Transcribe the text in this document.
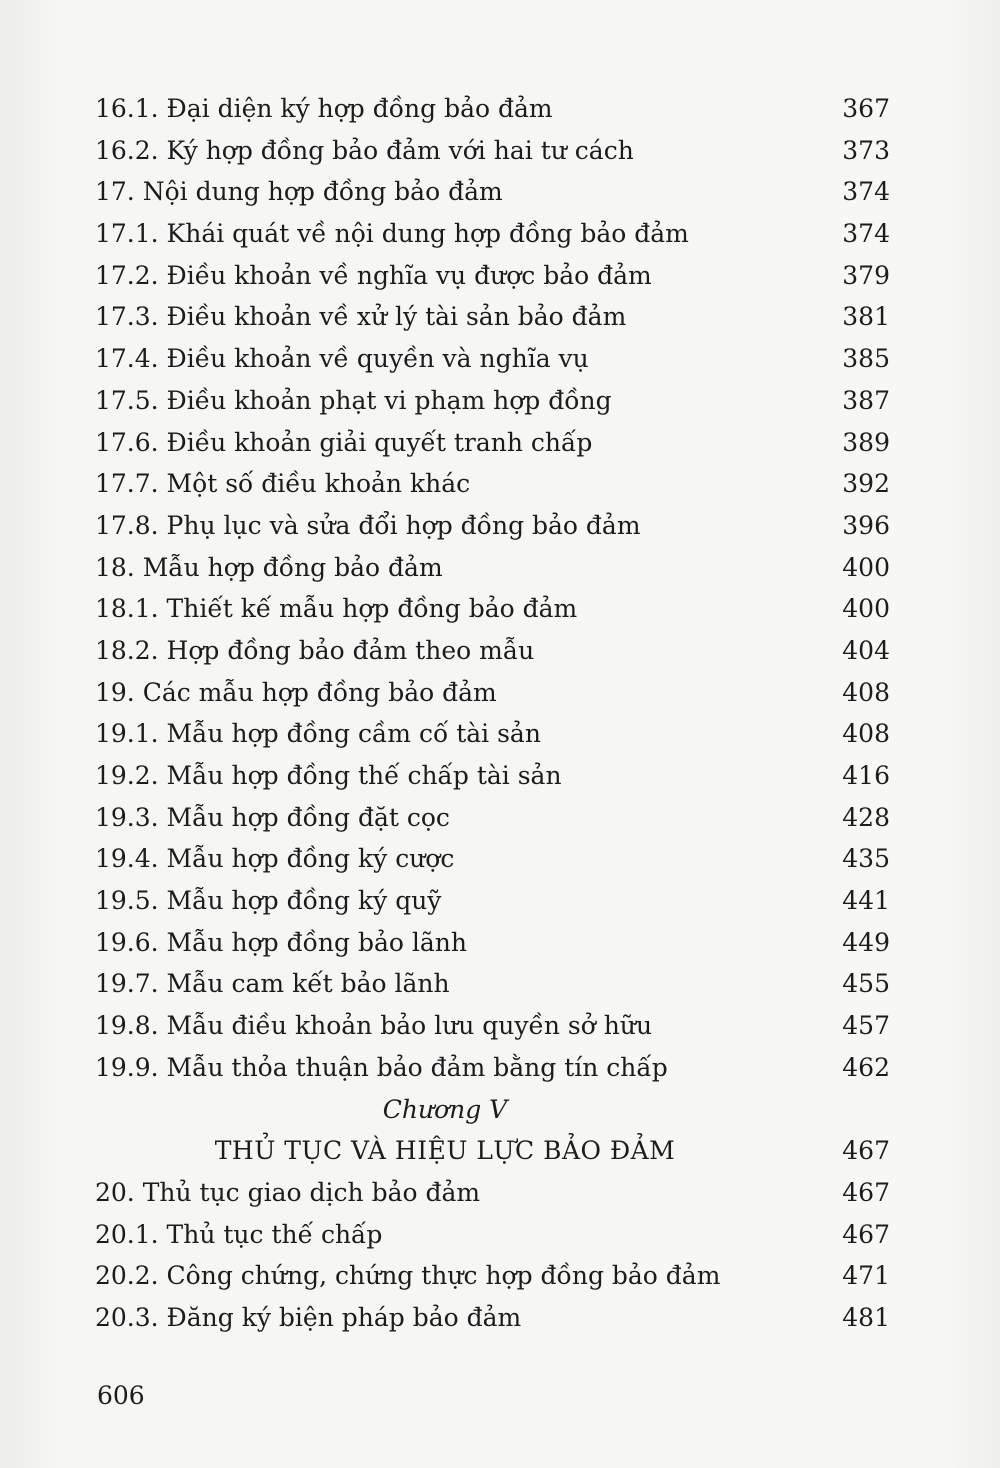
16.1. Đại diện ký hợp đồng bảo đảm	367
16.2. Ký hợp đồng bảo đảm với hai tư cách	373
17. Nội dung hợp đồng bảo đảm	374
17.1. Khái quát về nội dung hợp đồng bảo đảm	374
17.2. Điều khoản về nghĩa vụ được bảo đảm	379
17.3. Điều khoản về xử lý tài sản bảo đảm	381
17.4. Điều khoản về quyền và nghĩa vụ	385
17.5. Điều khoản phạt vi phạm hợp đồng	387
17.6. Điều khoản giải quyết tranh chấp	389
17.7. Một số điều khoản khác	392
17.8. Phụ lục và sửa đổi hợp đồng bảo đảm	396
18. Mẫu hợp đồng bảo đảm	400
18.1. Thiết kế mẫu hợp đồng bảo đảm	400
18.2. Hợp đồng bảo đảm theo mẫu	404
19. Các mẫu hợp đồng bảo đảm	408
19.1. Mẫu hợp đồng cầm cố tài sản	408
19.2. Mẫu hợp đồng thế chấp tài sản	416
19.3. Mẫu hợp đồng đặt cọc	428
19.4. Mẫu hợp đồng ký cược	435
19.5. Mẫu hợp đồng ký quỹ	441
19.6. Mẫu hợp đồng bảo lãnh	449
19.7. Mẫu cam kết bảo lãnh	455
19.8. Mẫu điều khoản bảo lưu quyền sở hữu	457
19.9. Mẫu thỏa thuận bảo đảm bằng tín chấp	462
Chương V
THỦ TỤC VÀ HIỆU LỰC BẢO ĐẢM	467
20. Thủ tục giao dịch bảo đảm	467
20.1. Thủ tục thế chấp	467
20.2. Công chứng, chứng thực hợp đồng bảo đảm	471
20.3. Đăng ký biện pháp bảo đảm	481
606
